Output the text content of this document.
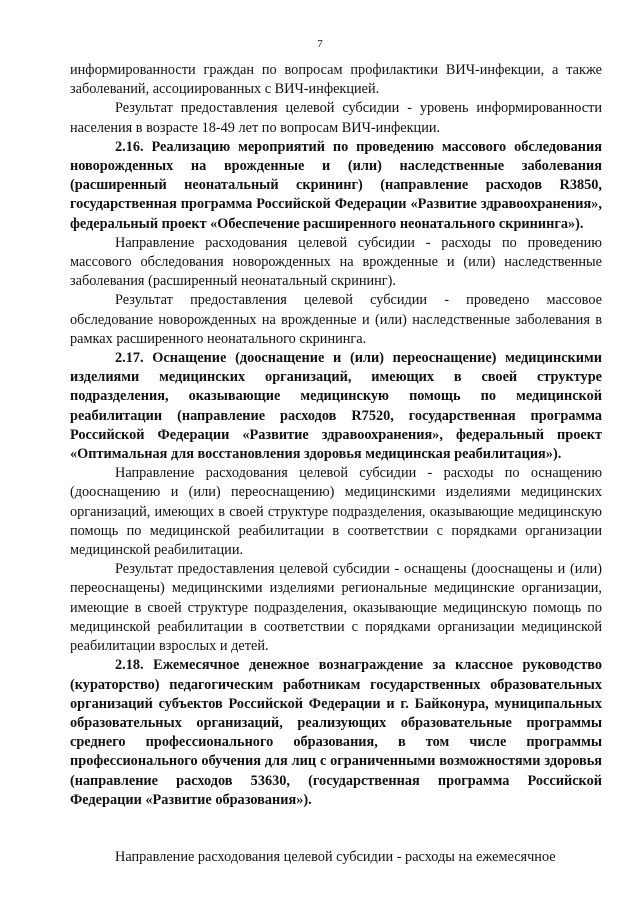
7

информированности граждан по вопросам профилактики ВИЧ-инфекции, а также заболеваний, ассоциированных с ВИЧ-инфекцией.

Результат предоставления целевой субсидии - уровень информированности населения в возрасте 18-49 лет по вопросам ВИЧ-инфекции.

2.16. Реализацию мероприятий по проведению массового обследования новорожденных на врожденные и (или) наследственные заболевания (расширенный неонатальный скрининг) (направление расходов R3850, государственная программа Российской Федерации «Развитие здравоохранения», федеральный проект «Обеспечение расширенного неонатального скрининга»).

Направление расходования целевой субсидии - расходы по проведению массового обследования новорожденных на врожденные и (или) наследственные заболевания (расширенный неонатальный скрининг).

Результат предоставления целевой субсидии - проведено массовое обследование новорожденных на врожденные и (или) наследственные заболевания в рамках расширенного неонатального скрининга.

2.17. Оснащение (дооснащение и (или) переоснащение) медицинскими изделиями медицинских организаций, имеющих в своей структуре подразделения, оказывающие медицинскую помощь по медицинской реабилитации (направление расходов R7520, государственная программа Российской Федерации «Развитие здравоохранения», федеральный проект «Оптимальная для восстановления здоровья медицинская реабилитация»).

Направление расходования целевой субсидии - расходы по оснащению (дооснащению и (или) переоснащению) медицинскими изделиями медицинских организаций, имеющих в своей структуре подразделения, оказывающие медицинскую помощь по медицинской реабилитации в соответствии с порядками организации медицинской реабилитации.

Результат предоставления целевой субсидии - оснащены (дооснащены и (или) переоснащены) медицинскими изделиями региональные медицинские организации, имеющие в своей структуре подразделения, оказывающие медицинскую помощь по медицинской реабилитации в соответствии с порядками организации медицинской реабилитации взрослых и детей.

2.18. Ежемесячное денежное вознаграждение за классное руководство (кураторство) педагогическим работникам государственных образовательных организаций субъектов Российской Федерации и г. Байконура, муниципальных образовательных организаций, реализующих образовательные программы среднего профессионального образования, в том числе программы профессионального обучения для лиц с ограниченными возможностями здоровья (направление расходов 53630, (государственная программа Российской Федерации «Развитие образования»).

Направление расходования целевой субсидии - расходы на ежемесячное
